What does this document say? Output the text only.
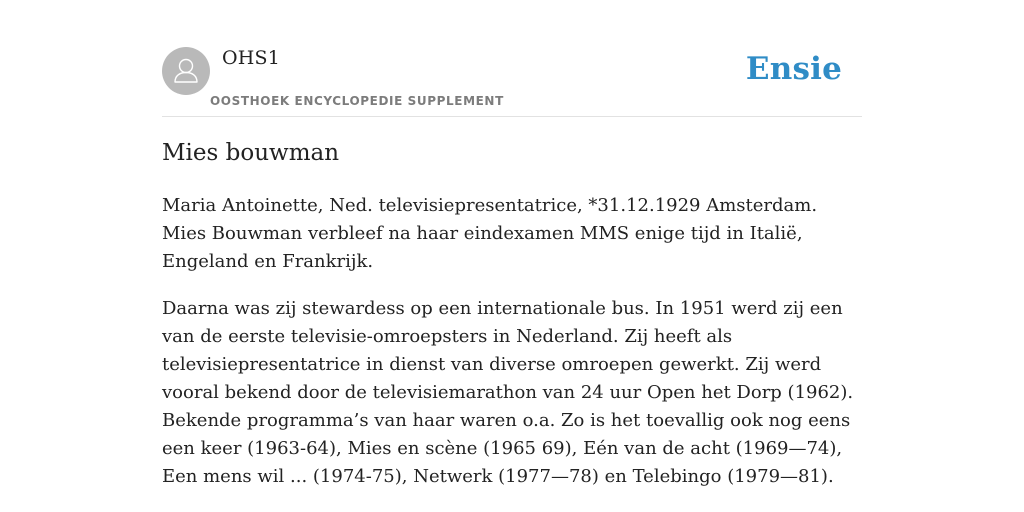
OHS1
OOSTHOEK ENCYCLOPEDIE SUPPLEMENT
Ensie
Mies bouwman

Maria Antoinette, Ned. televisiepresentatrice, *31.12.1929 Amsterdam. Mies Bouwman verbleef na haar eindexamen MMS enige tijd in Italië, Engeland en Frankrijk.

Daarna was zij stewardess op een internationale bus. In 1951 werd zij een van de eerste televisie-omroepsters in Nederland. Zij heeft als televisiepresentatrice in dienst van diverse omroepen gewerkt. Zij werd vooral bekend door de televisiemarathon van 24 uur Open het Dorp (1962). Bekende programma’s van haar waren o.a. Zo is het toevallig ook nog eens een keer (1963-64), Mies en scène (1965 69), Eén van de acht (1969—74), Een mens wil ... (1974-75), Netwerk (1977—78) en Telebingo (1979—81).
